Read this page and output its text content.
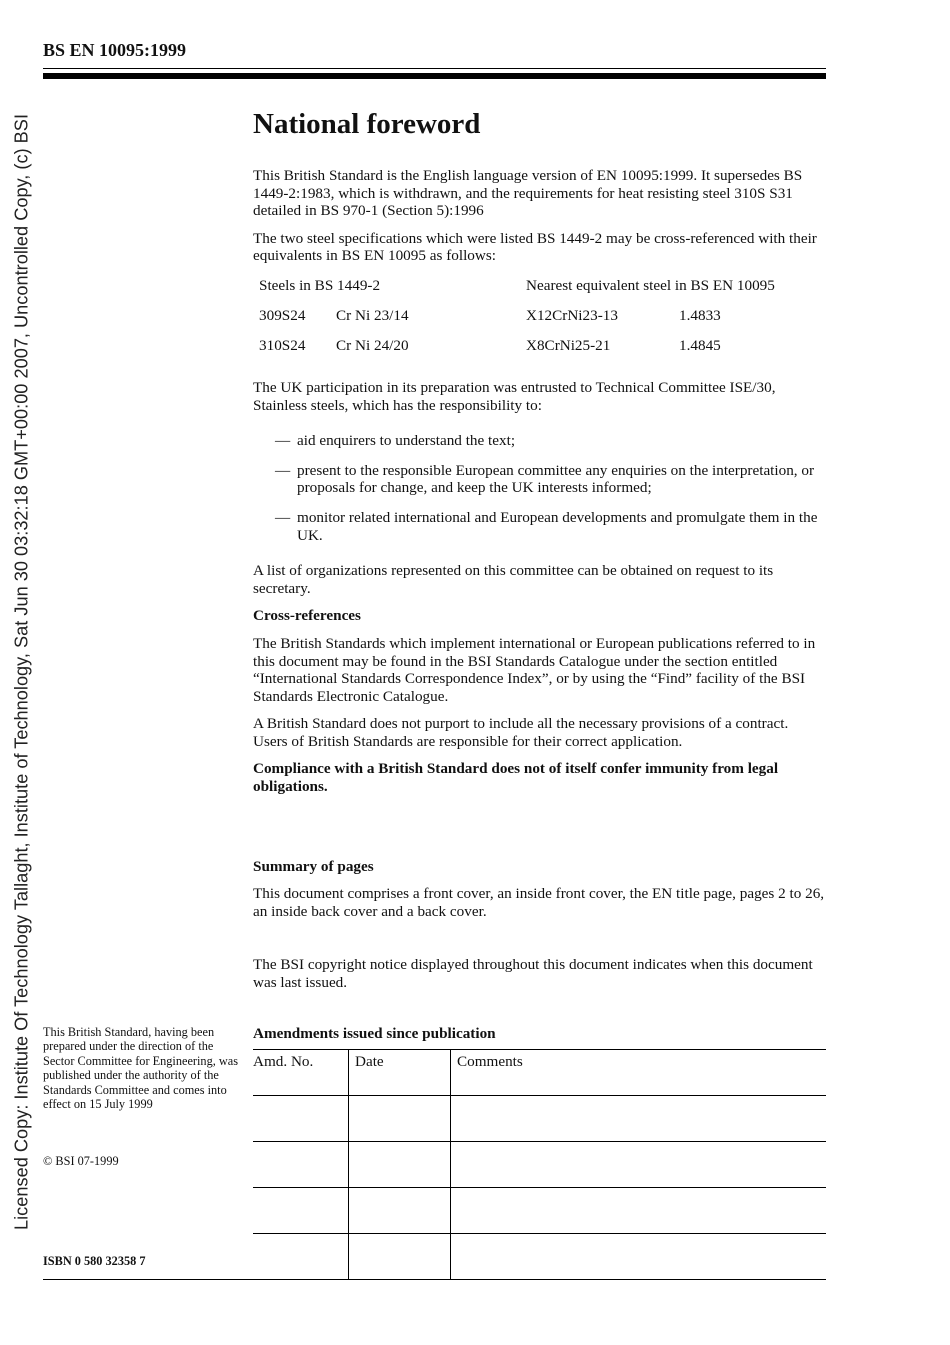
BS EN 10095:1999
Licensed Copy: Institute Of Technology Tallaght, Institute of Technology, Sat Jun 30 03:32:18 GMT+00:00 2007, Uncontrolled Copy, (c) BSI	National foreword

This British Standard is the English language version of EN 10095:1999. It supersedes BS 1449-2:1983, which is withdrawn, and the requirements for heat resisting steel 310S S31 detailed in BS 970-1 (Section 5):1996

The two steel specifications which were listed BS 1449-2 may be cross-referenced with their equivalents in BS EN 10095 as follows:

Steels in BS 1449-2		Nearest equivalent steel in BS EN 10095	
309S24	Cr Ni 23/14	X12CrNi23-13	1.4833
310S24	Cr Ni 24/20	X8CrNi25-21	1.4845

The UK participation in its preparation was entrusted to Technical Committee ISE/30, Stainless steels, which has the responsibility to:

— aid enquirers to understand the text;
— present to the responsible European committee any enquiries on the interpretation, or proposals for change, and keep the UK interests informed;
— monitor related international and European developments and promulgate them in the UK.

A list of organizations represented on this committee can be obtained on request to its secretary.

Cross-references

The British Standards which implement international or European publications referred to in this document may be found in the BSI Standards Catalogue under the section entitled “International Standards Correspondence Index”, or by using the “Find” facility of the BSI Standards Electronic Catalogue.

A British Standard does not purport to include all the necessary provisions of a contract. Users of British Standards are responsible for their correct application.

Compliance with a British Standard does not of itself confer immunity from legal obligations.

Summary of pages

This document comprises a front cover, an inside front cover, the EN title page, pages 2 to 26, an inside back cover and a back cover.

The BSI copyright notice displayed throughout this document indicates when this document was last issued.

Amendments issued since publication
Amd. No.	Date	Comments

This British Standard, having been prepared under the direction of the Sector Committee for Engineering, was published under the authority of the Standards Committee and comes into effect on 15 July 1999
© BSI 07-1999
ISBN 0 580 32358 7
